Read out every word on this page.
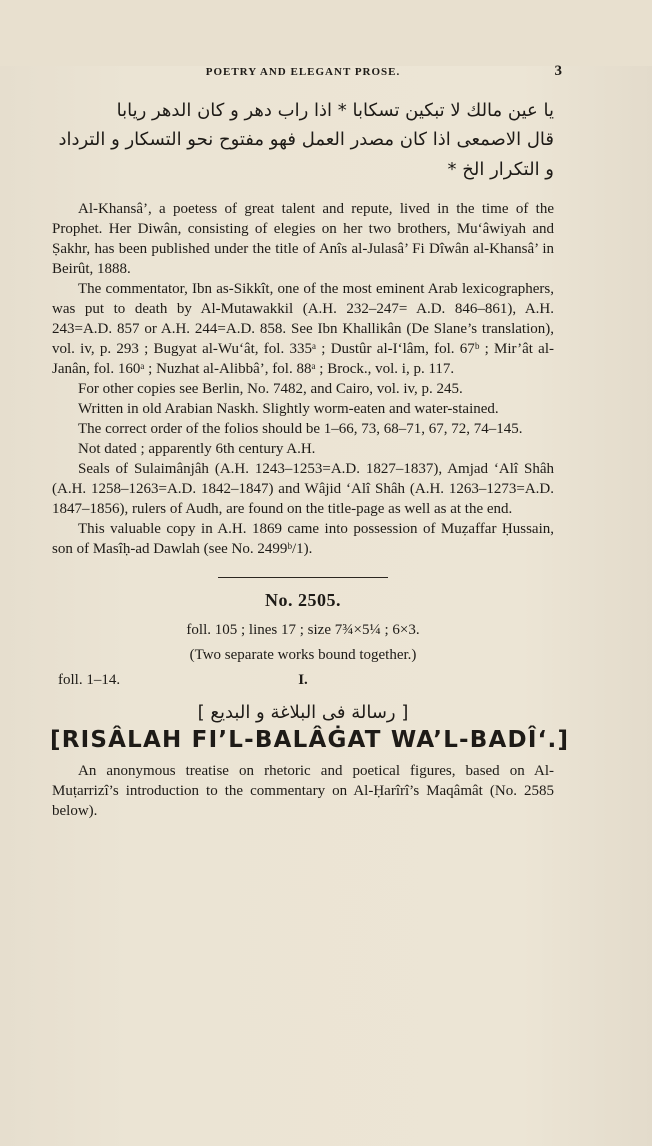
POETRY AND ELEGANT PROSE.	3

يا عين مالك لا تبكين تسكابا * اذا راب دهر و كان الدهر ريابا

قال الاصمعى اذا كان مصدر العمل فهو مفتوح نحو التسكار و الترداد

و التكرار الخ *

Al-Khansâ’, a poetess of great talent and repute, lived in the time of the Prophet. Her Diwân, consisting of elegies on her two brothers, Mu‘âwiyah and Ṣakhr, has been published under the title of Anîs al-Julasâ’ Fi Dîwân al-Khansâ’ in Beirût, 1888.

The commentator, Ibn as-Sikkît, one of the most eminent Arab lexicographers, was put to death by Al-Mutawakkil (A.H. 232–247= A.D. 846–861), A.H. 243=A.D. 857 or A.H. 244=A.D. 858. See Ibn Khallikân (De Slane’s translation), vol. iv, p. 293 ; Bugyat al-Wu‘ât, fol. 335ᵃ ; Dustûr al-I‘lâm, fol. 67ᵇ ; Mir’ât al-Janân, fol. 160ᵃ ; Nuzhat al-Alibbâ’, fol. 88ᵃ ; Brock., vol. i, p. 117.

For other copies see Berlin, No. 7482, and Cairo, vol. iv, p. 245.

Written in old Arabian Naskh. Slightly worm-eaten and water-stained.

The correct order of the folios should be 1–66, 73, 68–71, 67, 72, 74–145.

Not dated ; apparently 6th century A.H.

Seals of Sulaimânjâh (A.H. 1243–1253=A.D. 1827–1837), Amjad ‘Alî Shâh (A.H. 1258–1263=A.D. 1842–1847) and Wâjid ‘Alî Shâh (A.H. 1263–1273=A.D. 1847–1856), rulers of Audh, are found on the title-page as well as at the end.

This valuable copy in A.H. 1869 came into possession of Muẓaffar Ḥussain, son of Masîḥ-ad Dawlah (see No. 2499ᵇ/1).

No. 2505.
foll. 105 ; lines 17 ; size 7¾×5¼ ; 6×3.
(Two separate works bound together.)
foll. 1–14.	I.
[ رسالة فى البلاغة و البديع ]
[RISÂLAH FI’L-BALÂĠAT WA’L-BADÎ‘.]

An anonymous treatise on rhetoric and poetical figures, based on Al-Muṭarrizî’s introduction to the commentary on Al-Ḥarîrî’s Maqâmât (No. 2585 below).
